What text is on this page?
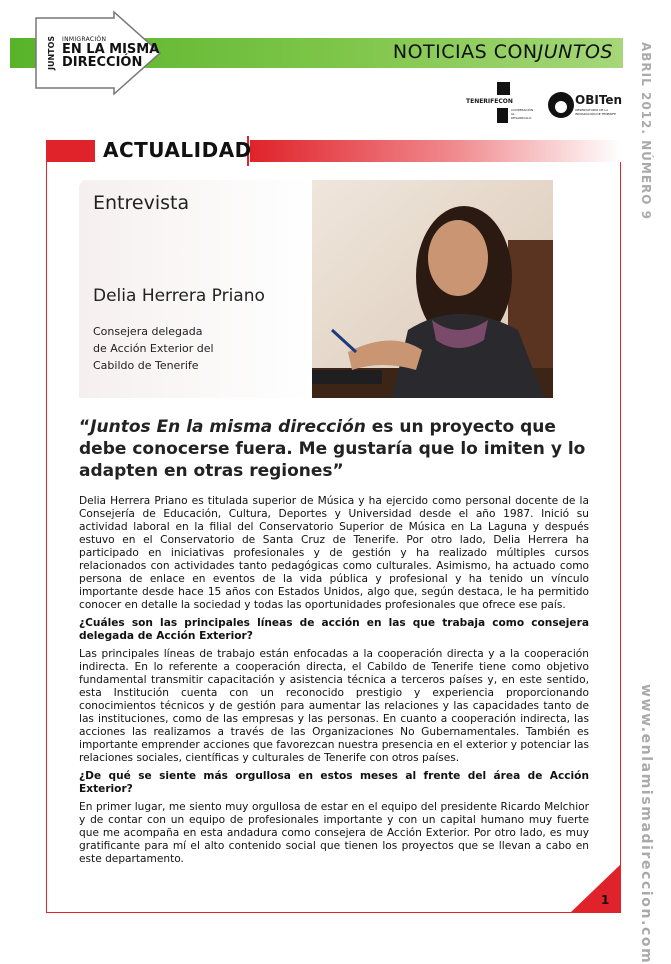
JUNTOS INMIGRACIÓN
EN LA MISMA
DIRECCIÓN	NOTICIAS CONJUNTOS ABRIL 2012. NÚMERO 9
www.enlamismadireccion.com
TENERIFECON
COOPERACIÓN AL DESARROLLO
OBITen
OBSERVATORIO DE LA INMIGRACIÓN DE TENERIFE
ACTUALIDAD
Entrevista
Delia Herrera Priano
Consejera delegada
de Acción Exterior del
Cabildo de Tenerife
“Juntos En la misma dirección es un proyecto que debe conocerse fuera. Me gustaría que lo imiten y lo adapten en otras regiones”

Delia Herrera Priano es titulada superior de Música y ha ejercido como personal docente de la Consejería de Educación, Cultura, Deportes y Universidad desde el año 1987. Inició su actividad laboral en la filial del Conservatorio Superior de Música en La Laguna y después estuvo en el Conservatorio de Santa Cruz de Tenerife. Por otro lado, Delia Herrera ha participado en iniciativas profesionales y de gestión y ha realizado múltiples cursos relacionados con actividades tanto pedagógicas como culturales. Asimismo, ha actuado como persona de enlace en eventos de la vida pública y profesional y ha tenido un vínculo importante desde hace 15 años con Estados Unidos, algo que, según destaca, le ha permitido conocer en detalle la sociedad y todas las oportunidades profesionales que ofrece ese país.

¿Cuáles son las principales líneas de acción en las que trabaja como consejera delegada de Acción Exterior?

Las principales líneas de trabajo están enfocadas a la cooperación directa y a la cooperación indirecta. En lo referente a cooperación directa, el Cabildo de Tenerife tiene como objetivo fundamental transmitir capacitación y asistencia técnica a terceros países y, en este sentido, esta Institución cuenta con un reconocido prestigio y experiencia proporcionando conocimientos técnicos y de gestión para aumentar las relaciones y las capacidades tanto de las instituciones, como de las empresas y las personas. En cuanto a cooperación indirecta, las acciones las realizamos a través de las Organizaciones No Gubernamentales. También es importante emprender acciones que favorezcan nuestra presencia en el exterior y potenciar las relaciones sociales, científicas y culturales de Tenerife con otros países.

¿De qué se siente más orgullosa en estos meses al frente del área de Acción Exterior?

En primer lugar, me siento muy orgullosa de estar en el equipo del presidente Ricardo Melchior y de contar con un equipo de profesionales importante y con un capital humano muy fuerte que me acompaña en esta andadura como consejera de Acción Exterior. Por otro lado, es muy gratificante para mí el alto contenido social que tienen los proyectos que se llevan a cabo en este departamento.

1
